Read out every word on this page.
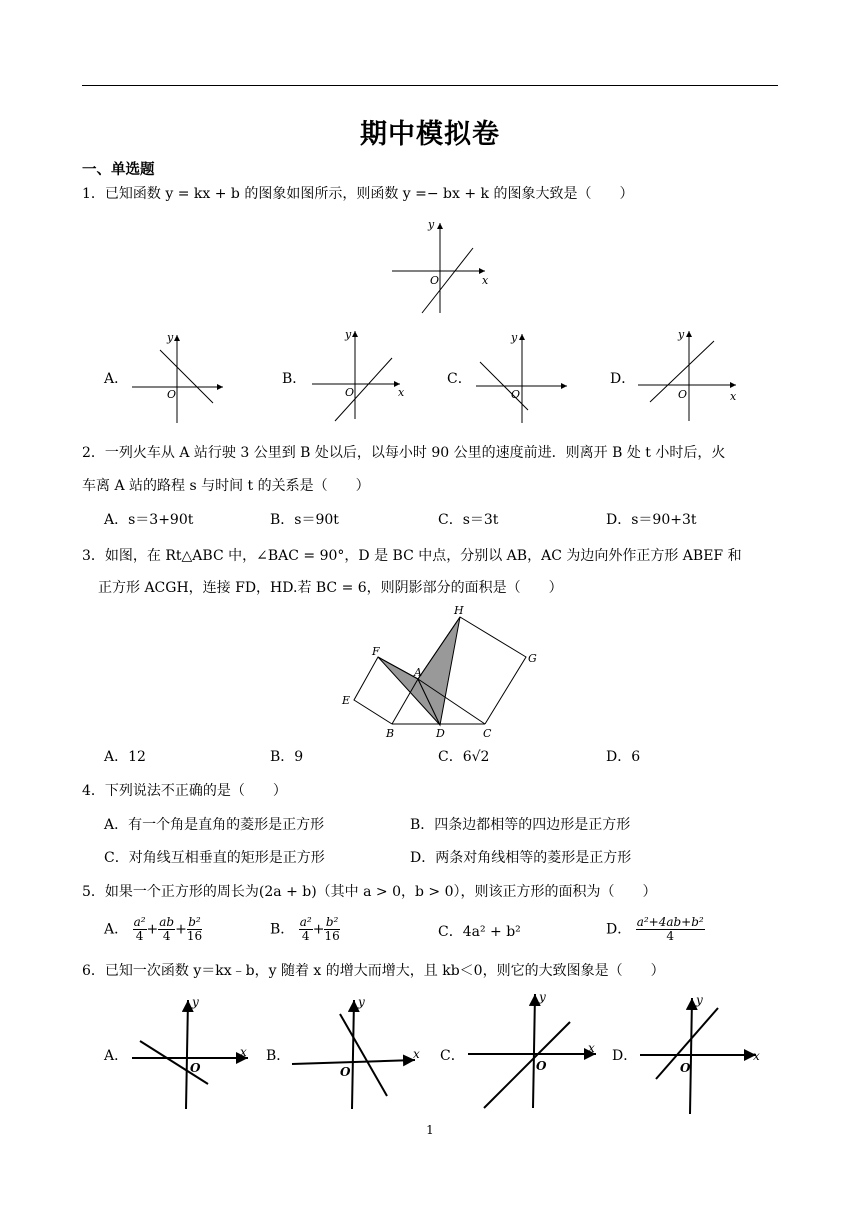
期中模拟卷
一、单选题
1．已知函数 y = kx + b 的图象如图所示，则函数 y =− bx + k 的图象大致是（　　）
O	x
y
A．
O
y
B．
O	x
y
C．
O
y
D．
O	x
y
2．一列火车从 A 站行驶 3 公里到 B 处以后，以每小时 90 公里的速度前进．则离开 B 处 t 小时后，火
车离 A 站的路程 s 与时间 t 的关系是（　　）
A．s＝3+90t	B．s＝90t	C．s＝3t	D．s＝90+3t
3．如图，在 Rt△ABC 中，∠BAC = 90°，D 是 BC 中点，分别以 AB，AC 为边向外作正方形 ABEF 和
正方形 ACGH，连接 FD，HD.若 BC = 6，则阴影部分的面积是（　　）
H
F
G
A
E
B	D	C
A．12	B．9	C．6√2	D．6
4．下列说法不正确的是（　　）
A．有一个角是直角的菱形是正方形	B．四条边都相等的四边形是正方形
C．对角线互相垂直的矩形是正方形	D．两条对角线相等的菱形是正方形
5．如果一个正方形的周长为(2a + b)（其中 a > 0，b > 0），则该正方形的面积为（　　）
A． $\frac{\text{a²}}{4} + \frac{ab}{4} + \frac{\text{b²}}{16}$	B． $\frac{\text{a²}}{4} + \frac{\text{b²}}{16}$	C．4a² + b²	D． $\frac{\text{a²+4ab+b²}}{4}$
6．已知一次函数 y＝kx﹣b，y 随着 x 的增大而增大，且 kb＜0，则它的大致图象是（　　）
A．
O
x
y
B．
O
x
y
C．
O
x
y
D．
O
x
y
1
